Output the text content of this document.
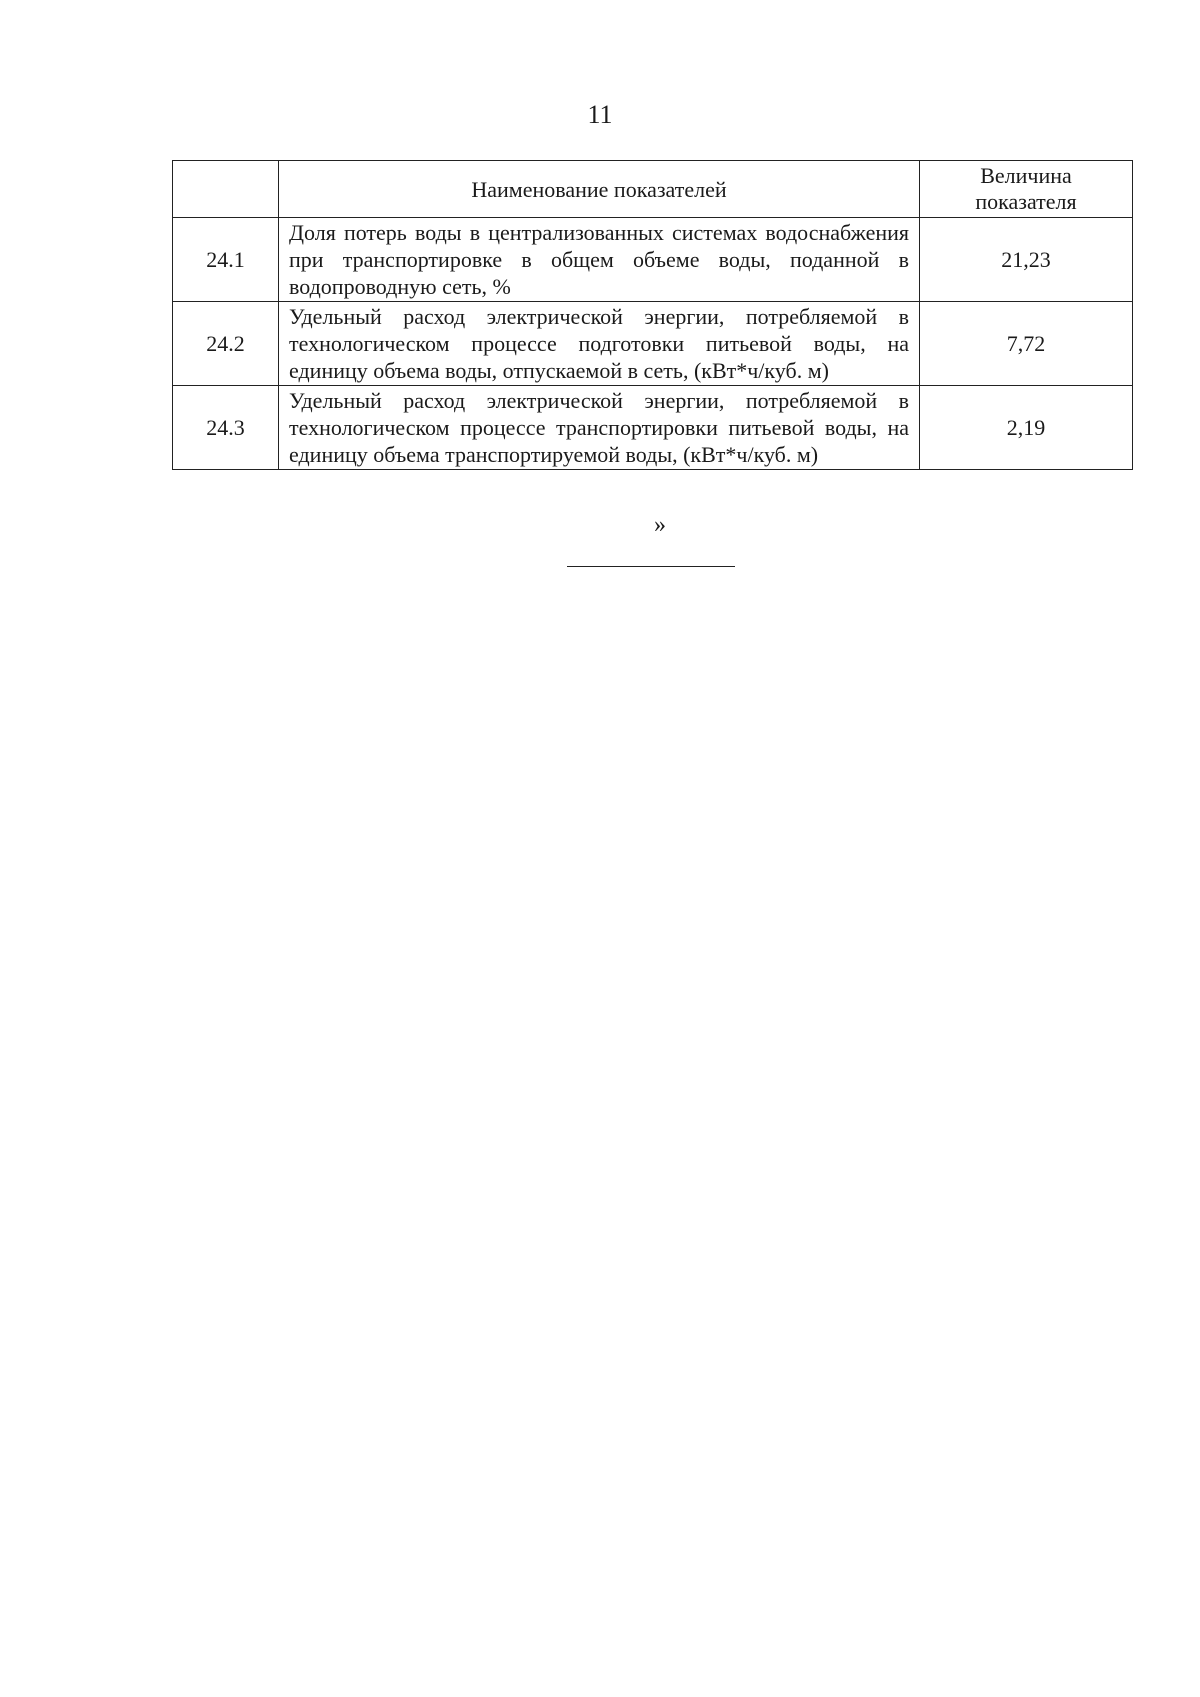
11
	Наименование показателей	Величина показателя
24.1	Доля потерь воды в централизованных системах водоснабжения при транспортировке в общем объеме воды, поданной в водопроводную сеть, %	21,23
24.2	Удельный расход электрической энергии, потребляемой в технологическом процессе подготовки питьевой воды, на единицу объема воды, отпускаемой в сеть, (кВт*ч/куб. м)	7,72
24.3	Удельный расход электрической энергии, потребляемой в технологическом процессе транспортировки питьевой воды, на единицу объема транспортируемой воды, (кВт*ч/куб. м)	2,19
»
